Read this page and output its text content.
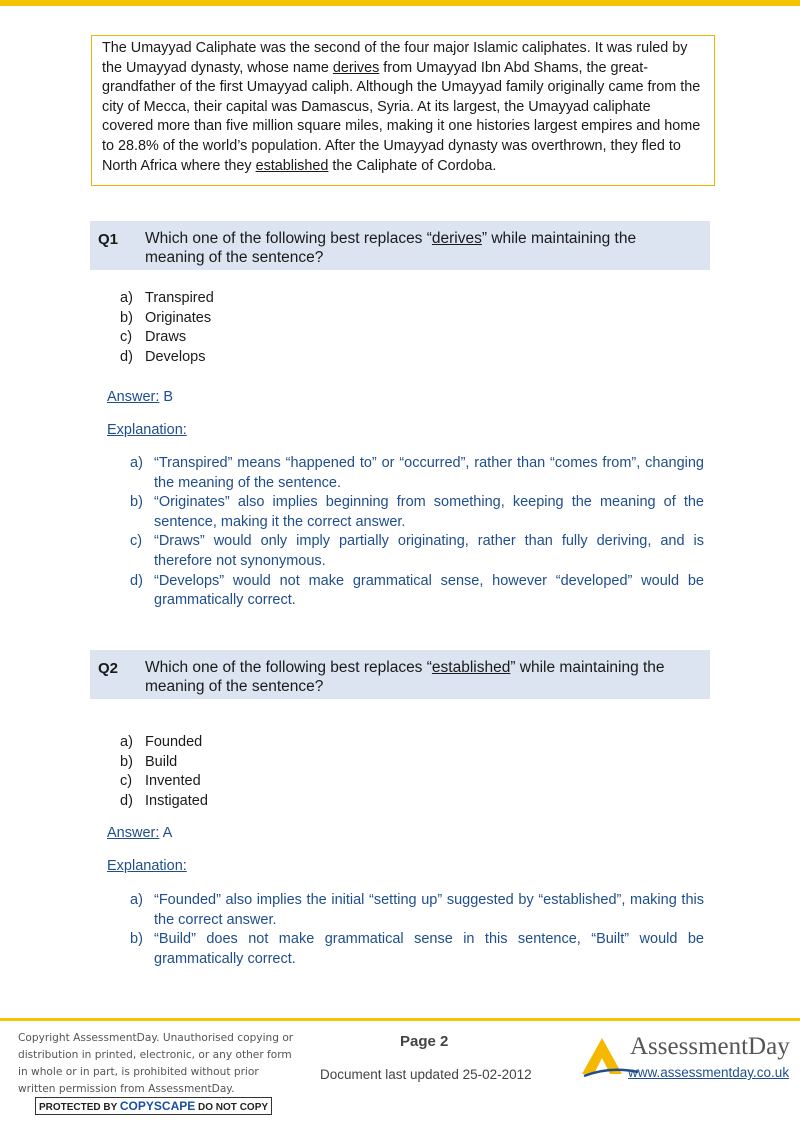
The Umayyad Caliphate was the second of the four major Islamic caliphates. It was ruled by the Umayyad dynasty, whose name derives from Umayyad Ibn Abd Shams, the great-grandfather of the first Umayyad caliph. Although the Umayyad family originally came from the city of Mecca, their capital was Damascus, Syria. At its largest, the Umayyad caliphate covered more than five million square miles, making it one histories largest empires and home to 28.8% of the world’s population. After the Umayyad dynasty was overthrown, they fled to North Africa where they established the Caliphate of Cordoba.
Q1 Which one of the following best replaces “derives” while maintaining the meaning of the sentence?
a) Transpired
b) Originates
c) Draws
d) Develops
Answer: B
Explanation:
a) “Transpired” means “happened to” or “occurred”, rather than “comes from”, changing the meaning of the sentence.
b) “Originates” also implies beginning from something, keeping the meaning of the sentence, making it the correct answer.
c) “Draws” would only imply partially originating, rather than fully deriving, and is therefore not synonymous.
d) “Develops” would not make grammatical sense, however “developed” would be grammatically correct.
Q2 Which one of the following best replaces “established” while maintaining the meaning of the sentence?
a) Founded
b) Build
c) Invented
d) Instigated
Answer: A
Explanation:
a) “Founded” also implies the initial “setting up” suggested by “established”, making this the correct answer.
b) “Build” does not make grammatical sense in this sentence, “Built” would be grammatically correct.
Copyright AssessmentDay. Unauthorised copying or distribution in printed, electronic, or any other form in whole or in part, is prohibited without prior written permission from AssessmentDay.
PROTECTED BY COPYSCAPE DO NOT COPY
Page 2
Document last updated 25-02-2012
AssessmentDay
www.assessmentday.co.uk
